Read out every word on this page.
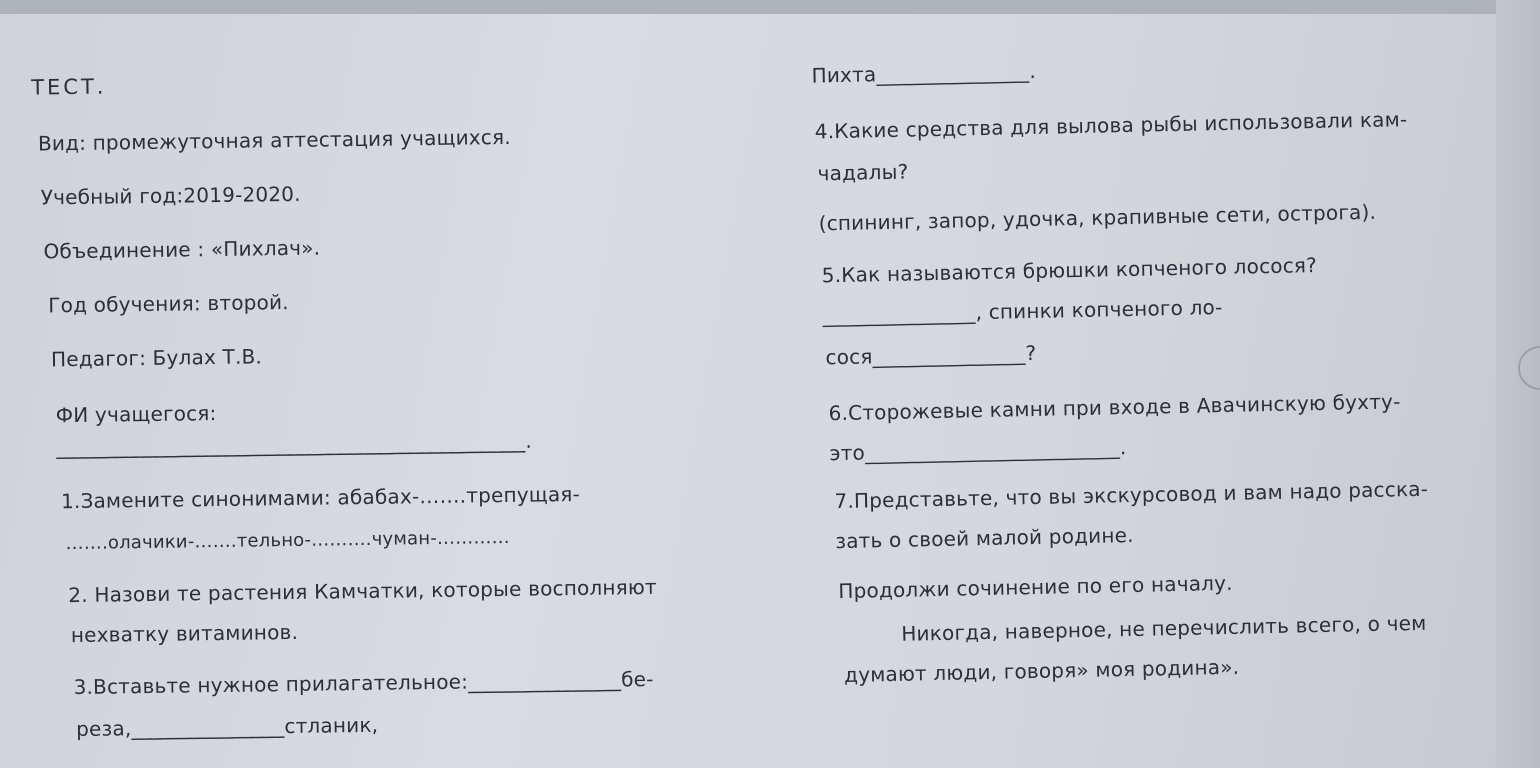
ТЕСТ.
Вид: промежуточная аттестация учащихся.
Учебный год:2019-2020.
Объединение : «Пихлач».
Год обучения: второй.
Педагог: Булах Т.В.
ФИ учащегося:
______________________________________________.
1.Замените синонимами: абабах-…….трепущая-
…….олачики-…….тельно-……….чуман-…………
2. Назови те растения Камчатки, которые восполняют
нехватку витаминов.
3.Вставьте нужное прилагательное:_______________бе-
реза,_______________стланик,
Пихта_______________.
4.Какие средства для вылова рыбы использовали кам-
чадалы?
(спининг, запор, удочка, крапивные сети, острога).
5.Как называются брюшки копченого лосося?
_______________, спинки копченого ло-
сося_______________?
6.Сторожевые камни при входе в Авачинскую бухту-
это_________________________.
7.Представьте, что вы экскурсовод и вам надо расска-
зать о своей малой родине.
Продолжи сочинение по его началу.
Никогда, наверное, не перечислить всего, о чем
думают люди, говоря» моя родина».
